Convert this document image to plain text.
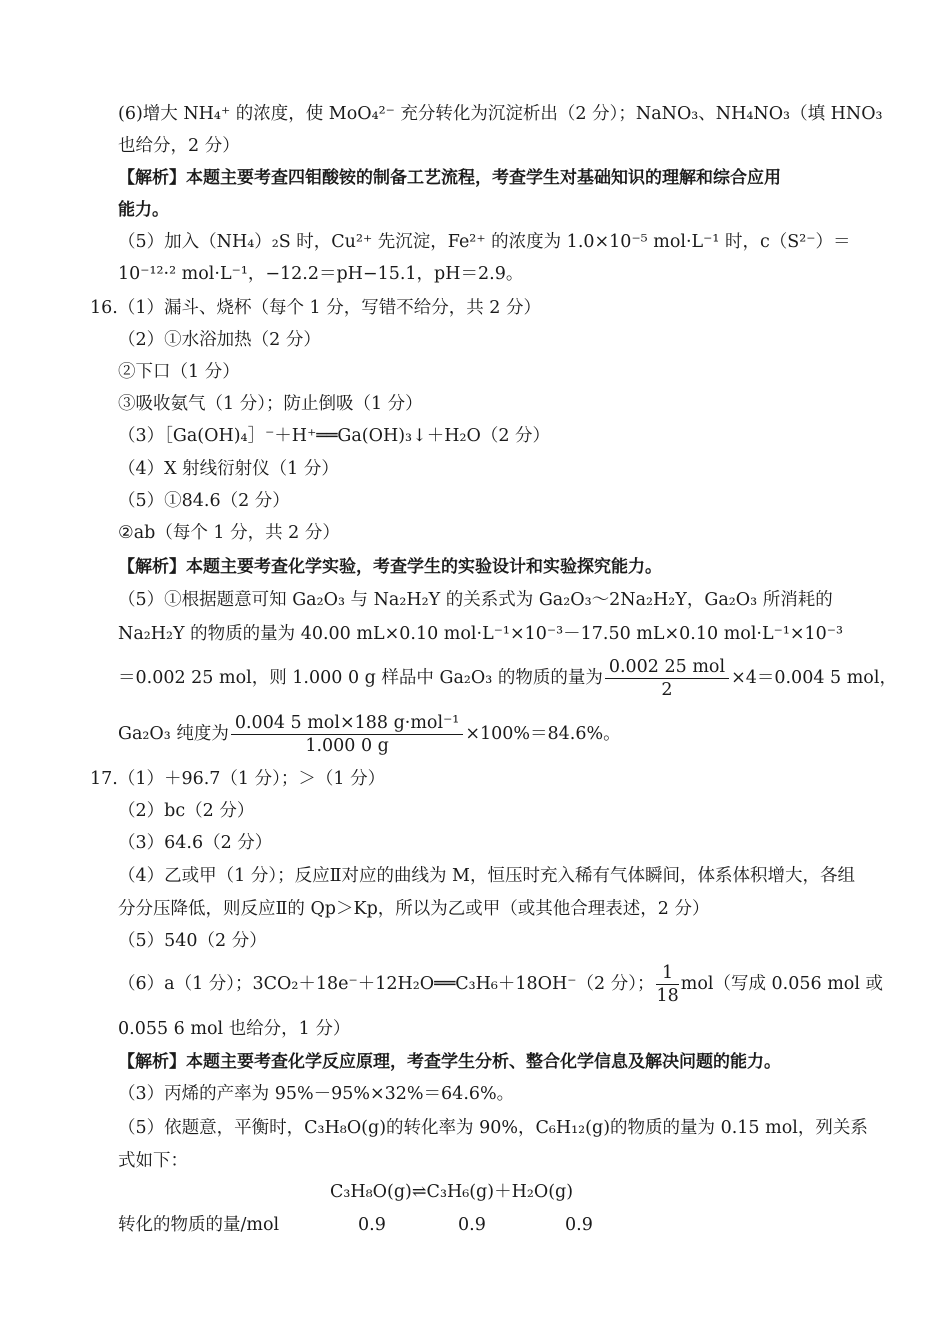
(6)增大 NH₄⁺ 的浓度，使 MoO₄²⁻ 充分转化为沉淀析出（2 分）；NaNO₃、NH₄NO₃（填 HNO₃
也给分，2 分）
【解析】本题主要考查四钼酸铵的制备工艺流程，考查学生对基础知识的理解和综合应用
能力。
（5）加入（NH₄）₂S 时，Cu²⁺ 先沉淀，Fe²⁺ 的浓度为 1.0×10⁻⁵ mol·L⁻¹ 时，c（S²⁻）＝
10⁻¹²·² mol·L⁻¹，−12.2＝pH−15.1，pH＝2.9。
16.（1）漏斗、烧杯（每个 1 分，写错不给分，共 2 分）
（2）①水浴加热（2 分）
②下口（1 分）
③吸收氨气（1 分）；防止倒吸（1 分）
（3）［Ga(OH)₄］⁻＋H⁺══Ga(OH)₃↓＋H₂O（2 分）
（4）X 射线衍射仪（1 分）
（5）①84.6（2 分）
②ab（每个 1 分，共 2 分）
【解析】本题主要考查化学实验，考查学生的实验设计和实验探究能力。
（5）①根据题意可知 Ga₂O₃ 与 Na₂H₂Y 的关系式为 Ga₂O₃～2Na₂H₂Y，Ga₂O₃ 所消耗的
Na₂H₂Y 的物质的量为 40.00 mL×0.10 mol·L⁻¹×10⁻³－17.50 mL×0.10 mol·L⁻¹×10⁻³
＝0.002 25 mol，则 1.000 0 g 样品中 Ga₂O₃ 的物质的量为 $\frac{\text{0.002 25 mol}}{2} \times 4=0.004$ 5 mol，
Ga₂O₃ 纯度为 $\frac{\text{0.004 5 mol×188 g·mol⁻¹}}{1.000 0 g} \times 100\%=84.6\%$。
17.（1）＋96.7（1 分）；＞（1 分）
（2）bc（2 分）
（3）64.6（2 分）
（4）乙或甲（1 分）；反应Ⅱ对应的曲线为 M，恒压时充入稀有气体瞬间，体系体积增大，各组
分分压降低，则反应Ⅱ的 Qp＞Kp，所以为乙或甲（或其他合理表述，2 分）
（5）540（2 分）
（6）a（1 分）；3CO₂＋18e⁻＋12H₂O══C₃H₆＋18OH⁻（2 分）； $\frac{1}{18} mol$（写成 0.056 mol 或
0.055 6 mol 也给分，1 分）
【解析】本题主要考查化学反应原理，考查学生分析、整合化学信息及解决问题的能力。
（3）丙烯的产率为 95%－95%×32%＝64.6%。
（5）依题意，平衡时，C₃H₈O(g)的转化率为 90%，C₆H₁₂(g)的物质的量为 0.15 mol，列关系
式如下：
C₃H₈O(g)⇌C₃H₆(g)＋H₂O(g)
转化的物质的量/mol	0.9	0.9	0.9
